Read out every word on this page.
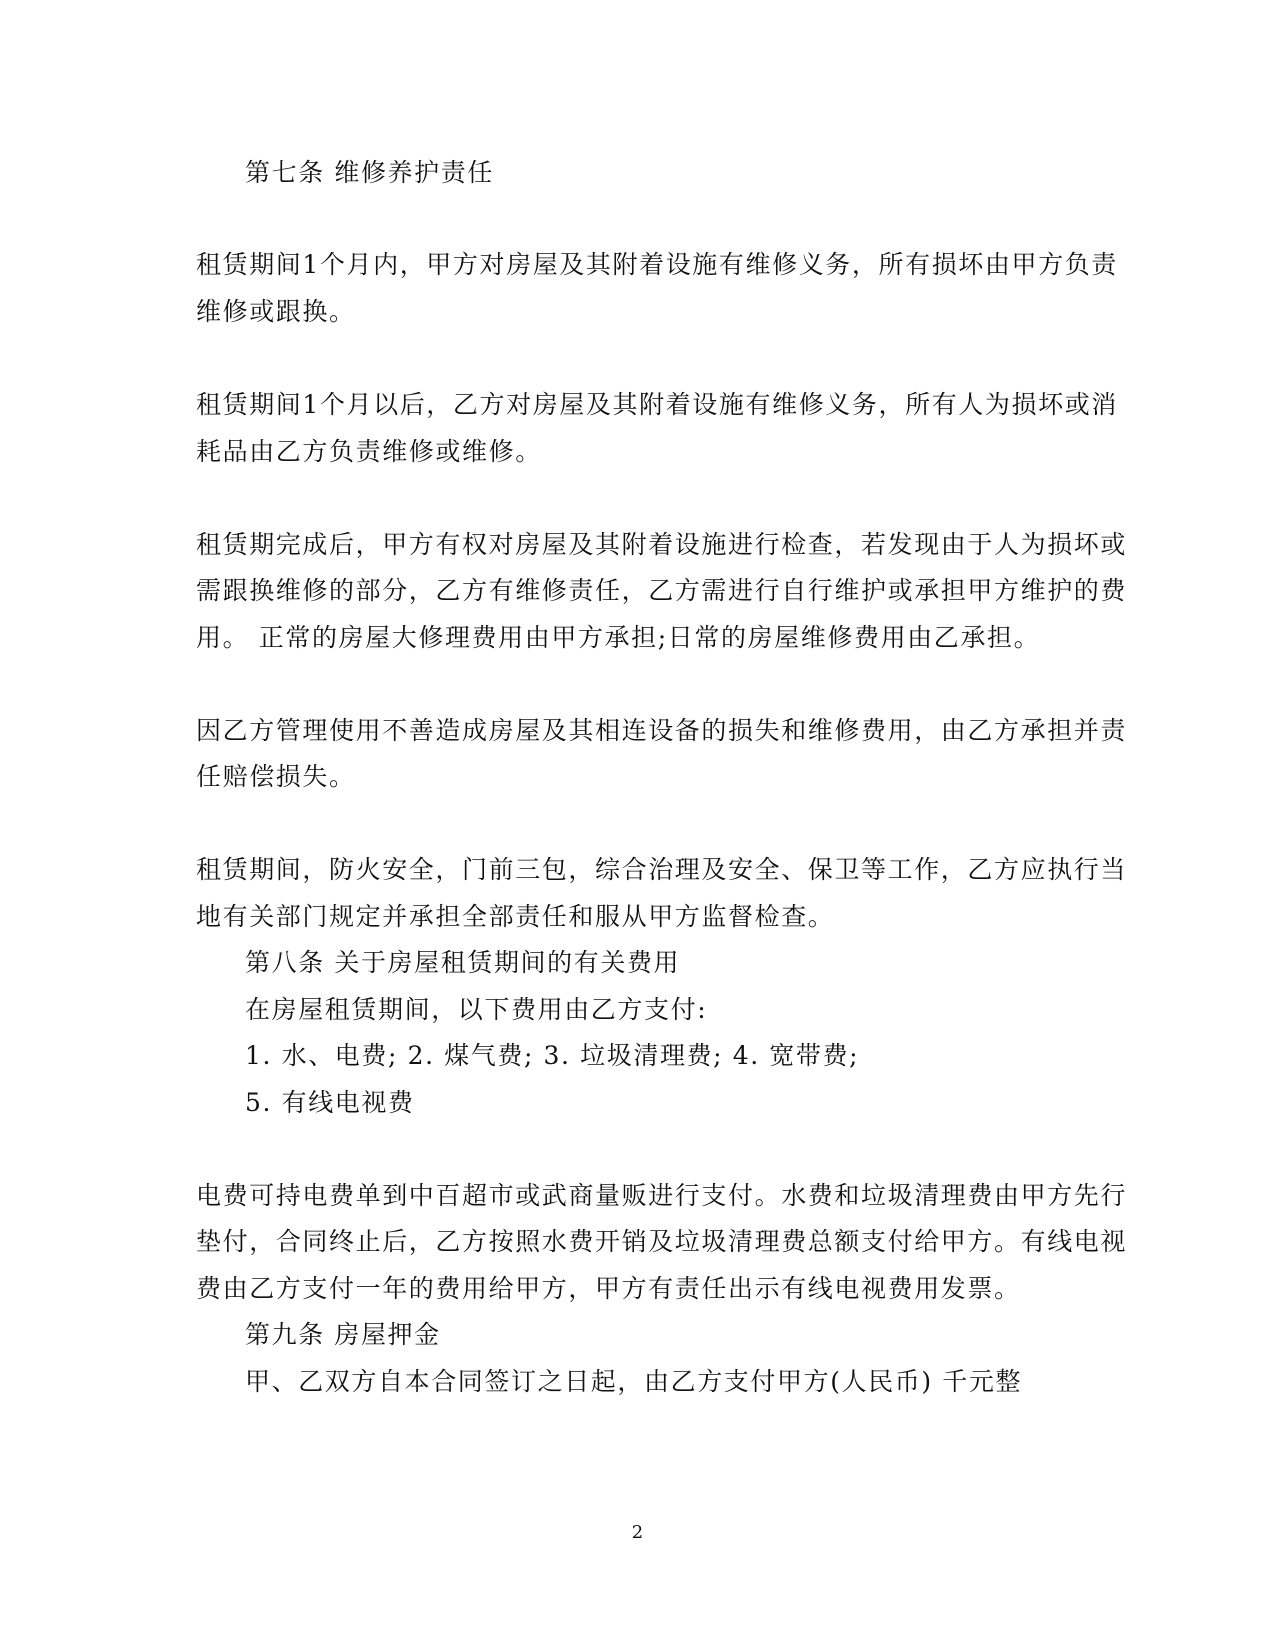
第七条 维修养护责任
租赁期间1个月内，甲方对房屋及其附着设施有维修义务，所有损坏由甲方负责
维修或跟换。
租赁期间1个月以后，乙方对房屋及其附着设施有维修义务，所有人为损坏或消
耗品由乙方负责维修或维修。
租赁期完成后，甲方有权对房屋及其附着设施进行检查，若发现由于人为损坏或
需跟换维修的部分，乙方有维修责任，乙方需进行自行维护或承担甲方维护的费
用。 正常的房屋大修理费用由甲方承担;日常的房屋维修费用由乙承担。
因乙方管理使用不善造成房屋及其相连设备的损失和维修费用，由乙方承担并责
任赔偿损失。
租赁期间，防火安全，门前三包，综合治理及安全、保卫等工作，乙方应执行当
地有关部门规定并承担全部责任和服从甲方监督检查。
第八条 关于房屋租赁期间的有关费用
在房屋租赁期间，以下费用由乙方支付:
1. 水、电费; 2. 煤气费; 3. 垃圾清理费; 4. 宽带费;
5. 有线电视费
电费可持电费单到中百超市或武商量贩进行支付。水费和垃圾清理费由甲方先行
垫付，合同终止后，乙方按照水费开销及垃圾清理费总额支付给甲方。有线电视
费由乙方支付一年的费用给甲方，甲方有责任出示有线电视费用发票。
第九条 房屋押金
甲、乙双方自本合同签订之日起，由乙方支付甲方(人民币) 千元整
2
